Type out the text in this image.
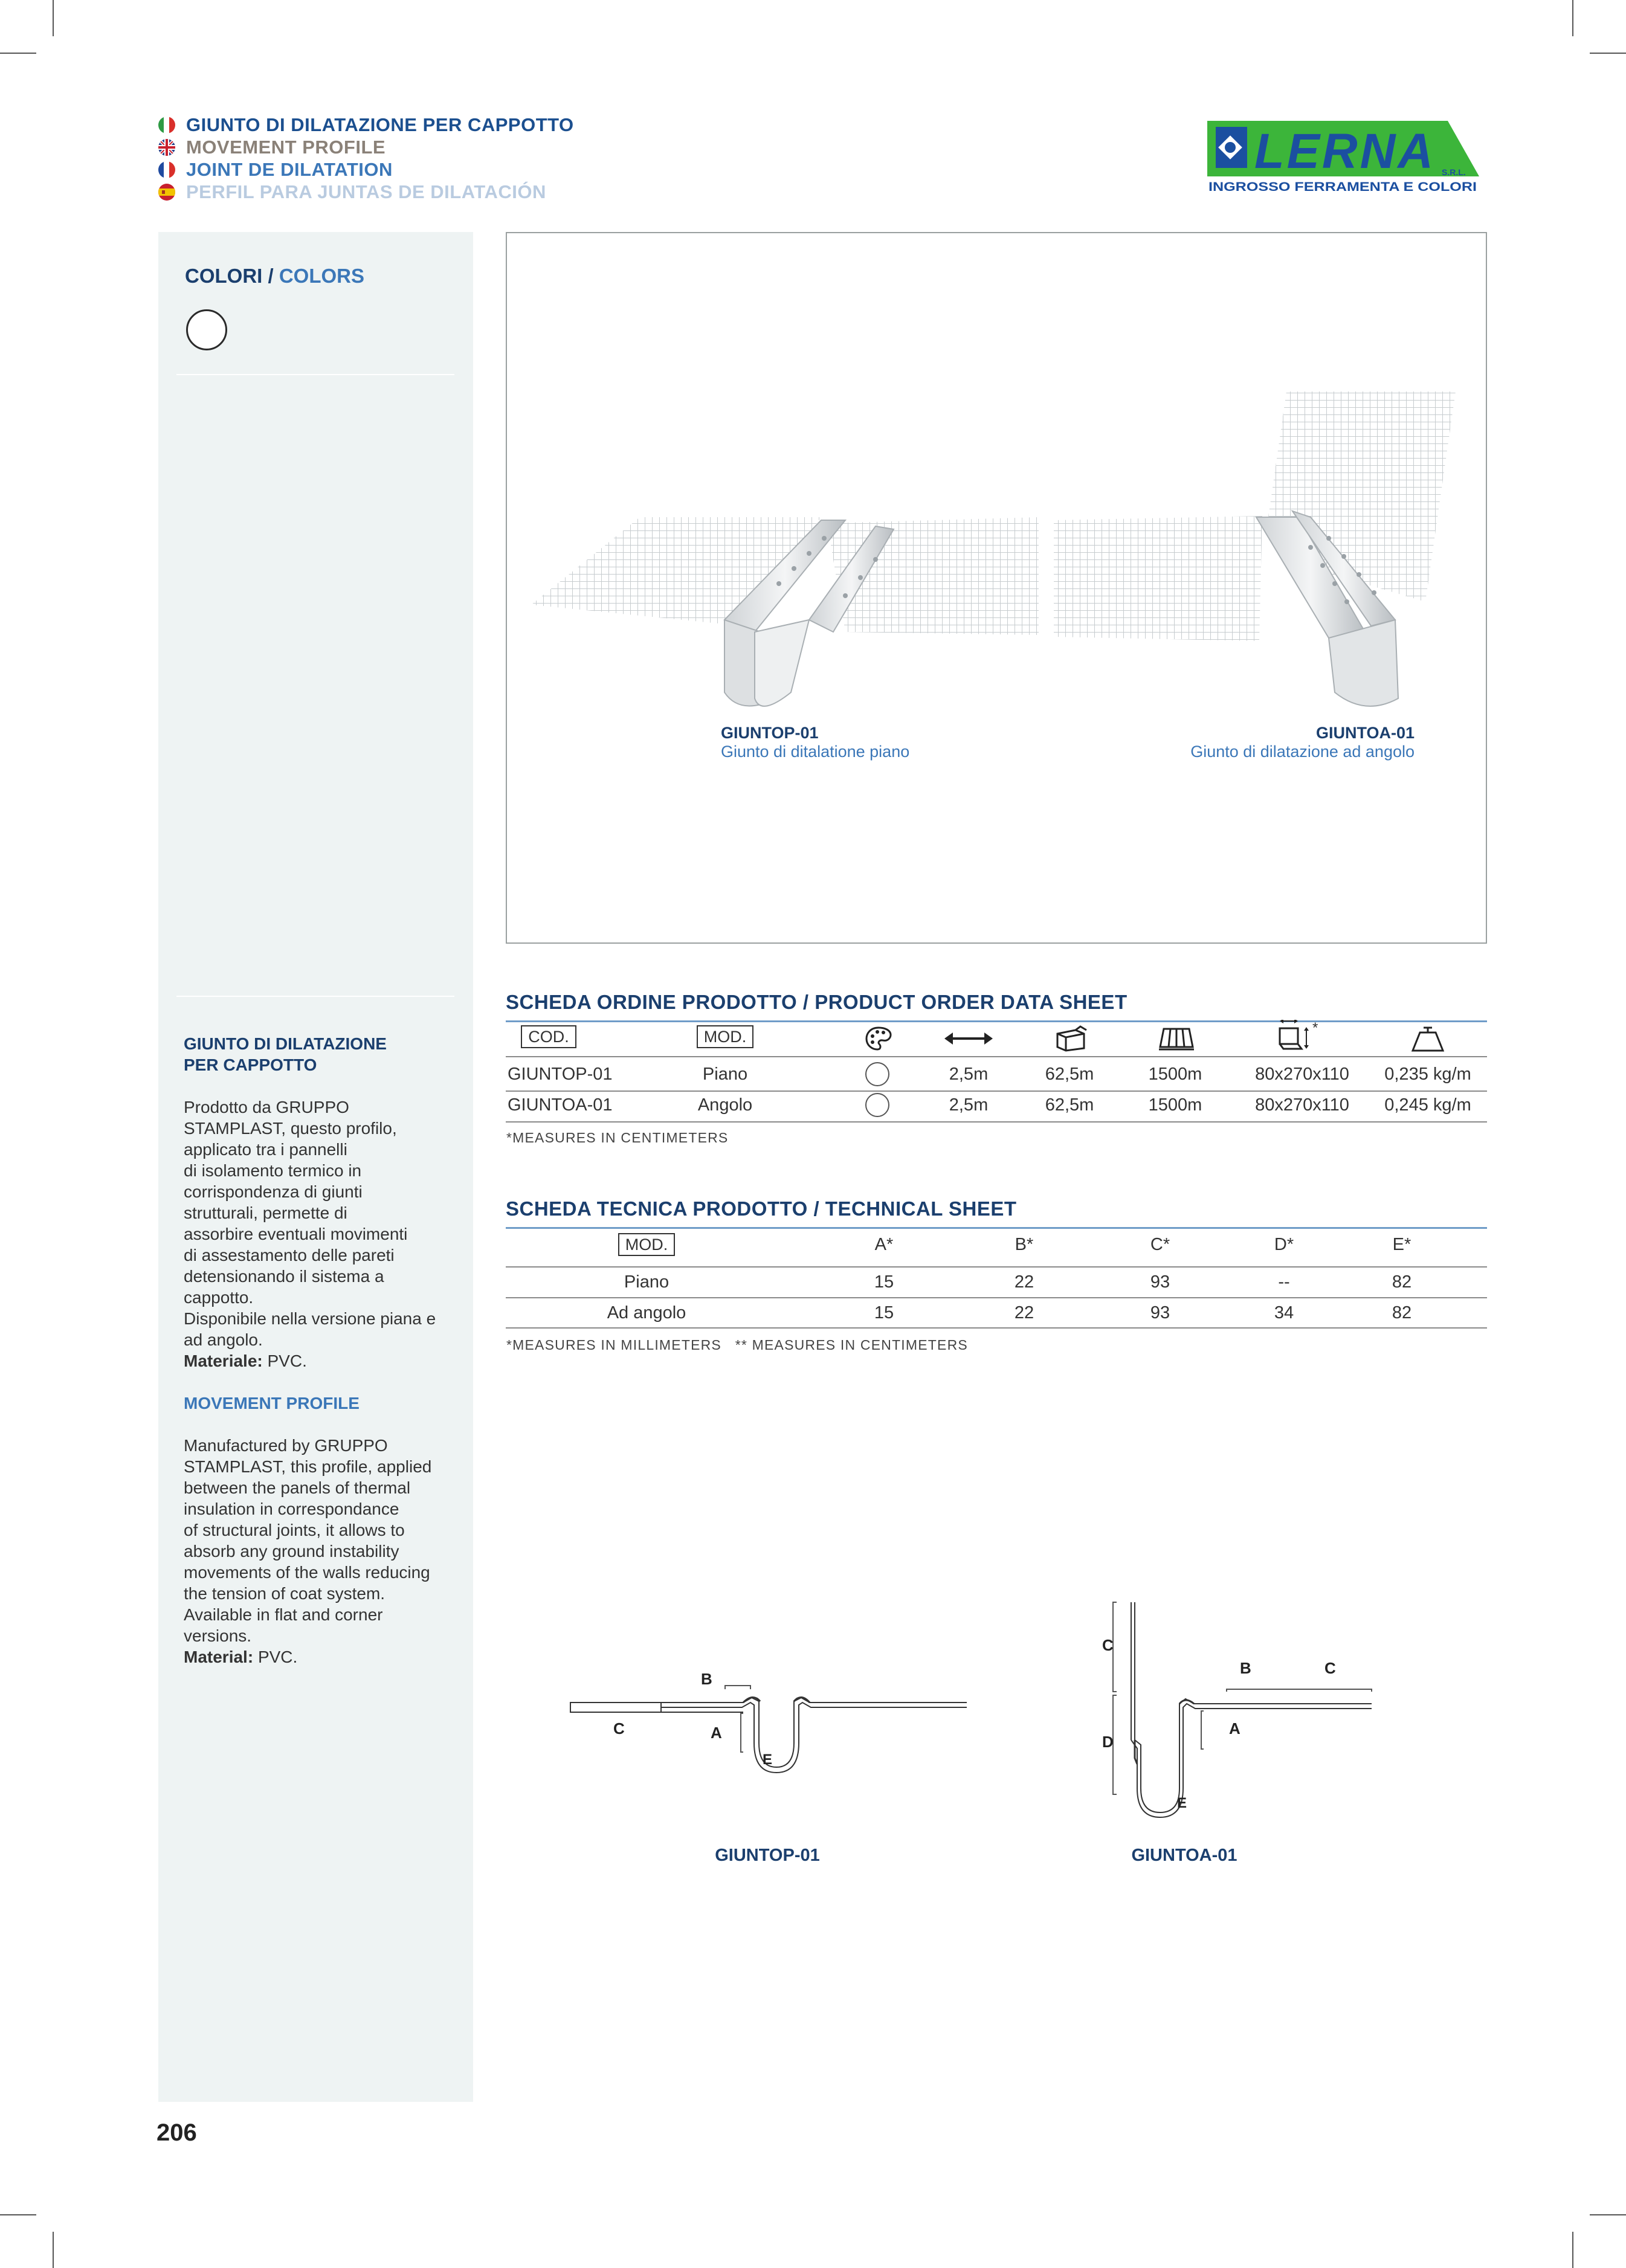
GIUNTO DI DILATAZIONE PER CAPPOTTO
MOVEMENT PROFILE
JOINT DE DILATATION
PERFIL PARA JUNTAS DE DILATACIÓN
LERNA S.R.L.
INGROSSO FERRAMENTA E COLORI
COLORI / COLORS
GIUNTO DI DILATAZIONE
PER CAPPOTTO
Prodotto da GRUPPO
STAMPLAST, questo profilo,
applicato tra i pannelli
di isolamento termico in
corrispondenza di giunti
strutturali, permette di
assorbire eventuali movimenti
di assestamento delle pareti
detensionando il sistema a
cappotto.
Disponibile nella versione piana e
ad angolo.
Materiale: PVC.
MOVEMENT PROFILE
Manufactured by GRUPPO
STAMPLAST, this profile, applied
between the panels of thermal
insulation in correspondance
of structural joints, it allows to
absorb any ground instability
movements of the walls reducing
the tension of coat system.
Available in flat and corner
versions.
Material: PVC.
GIUNTOP-01
Giunto di ditalatione piano
GIUNTOA-01
Giunto di dilatazione ad angolo
SCHEDA ORDINE PRODOTTO / PRODUCT ORDER DATA SHEET
COD.	MOD.	*
GIUNTOP-01	Piano	2,5m	62,5m	1500m	80x270x110 0,235 kg/m
GIUNTOA-01	Angolo	2,5m	62,5m	1500m	80x270x110 0,245 kg/m
*MEASURES IN CENTIMETERS
SCHEDA TECNICA PRODOTTO / TECHNICAL SHEET
MOD.	A*	B*	C*	D*	E*
Piano	15	22	93	--	82
Ad angolo	15	22	93	34	82
*MEASURES IN MILLIMETERS   ** MEASURES IN CENTIMETERS
B
C	A
E
GIUNTOP-01
C
D
B	C
A
E
GIUNTOA-01
206
